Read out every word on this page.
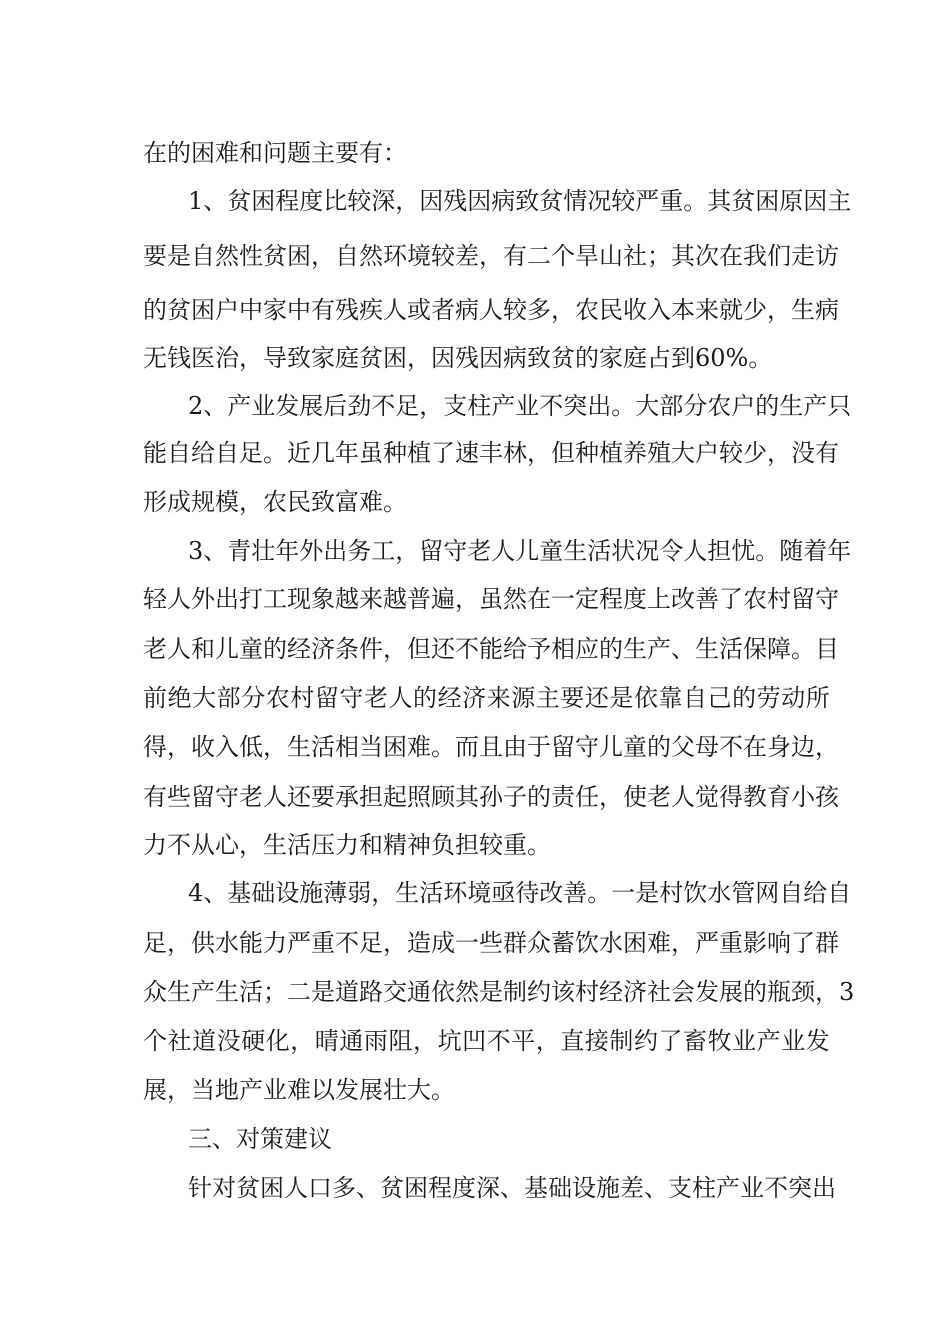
在的困难和问题主要有：
1 、 贫 困 程 度 比 较 深 ， 因 残 因 病 致 贫 情 况 较 严 重 。 其 贫 困 原 因 主
要 是 自 然 性 贫 困 ， 自 然 环 境 较 差 ， 有 二 个 旱 山 社 ； 其 次 在 我 们 走 访
的 贫 困 户 中 家 中 有 残 疾 人 或 者 病 人 较 多 ， 农 民 收 入 本 来 就 少 ， 生 病
无钱医治，导致家庭贫困，因残因病致贫的家庭占到60%。
2 、 产 业 发 展 后 劲 不 足 ， 支 柱 产 业 不 突 出 。 大 部 分 农 户 的 生 产 只
能 自 给 自 足 。 近 几 年 虽 种 植 了 速 丰 林 ， 但 种 植 养 殖 大 户 较 少 ， 没 有
形成规模，农民致富难。
3 、 青 壮 年 外 出 务 工 ， 留 守 老 人 儿 童 生 活 状 况 令 人 担 忧 。 随 着 年
轻 人 外 出 打 工 现 象 越 来 越 普 遍 ， 虽 然 在 一 定 程 度 上 改 善 了 农 村 留 守
老 人 和 儿 童 的 经 济 条 件 ， 但 还 不 能 给 予 相 应 的 生 产 、 生 活 保 障 。 目
前 绝 大 部 分 农 村 留 守 老 人 的 经 济 来 源 主 要 还 是 依 靠 自 己 的 劳 动 所
得 ， 收 入 低 ， 生 活 相 当 困 难 。 而 且 由 于 留 守 儿 童 的 父 母 不 在 身 边 ，
有 些 留 守 老 人 还 要 承 担 起 照 顾 其 孙 子 的 责 任 ， 使 老 人 觉 得 教 育 小 孩
力不从心，生活压力和精神负担较重。
4 、 基 础 设 施 薄 弱 ， 生 活 环 境 亟 待 改 善 。 一 是 村 饮 水 管 网 自 给 自
足 ， 供 水 能 力 严 重 不 足 ， 造 成 一 些 群 众 蓄 饮 水 困 难 ， 严 重 影 响 了 群
众 生 产 生 活 ； 二 是 道 路 交 通 依 然 是 制 约 该 村 经 济 社 会 发 展 的 瓶 颈 ， 3
个 社 道 没 硬 化 ， 晴 通 雨 阻 ， 坑 凹 不 平 ， 直 接 制 约 了 畜 牧 业 产 业 发
展，当地产业难以发展壮大。
三、对策建议
针 对 贫 困 人 口 多 、 贫 困 程 度 深 、 基 础 设 施 差 、 支 柱 产 业 不 突 出
